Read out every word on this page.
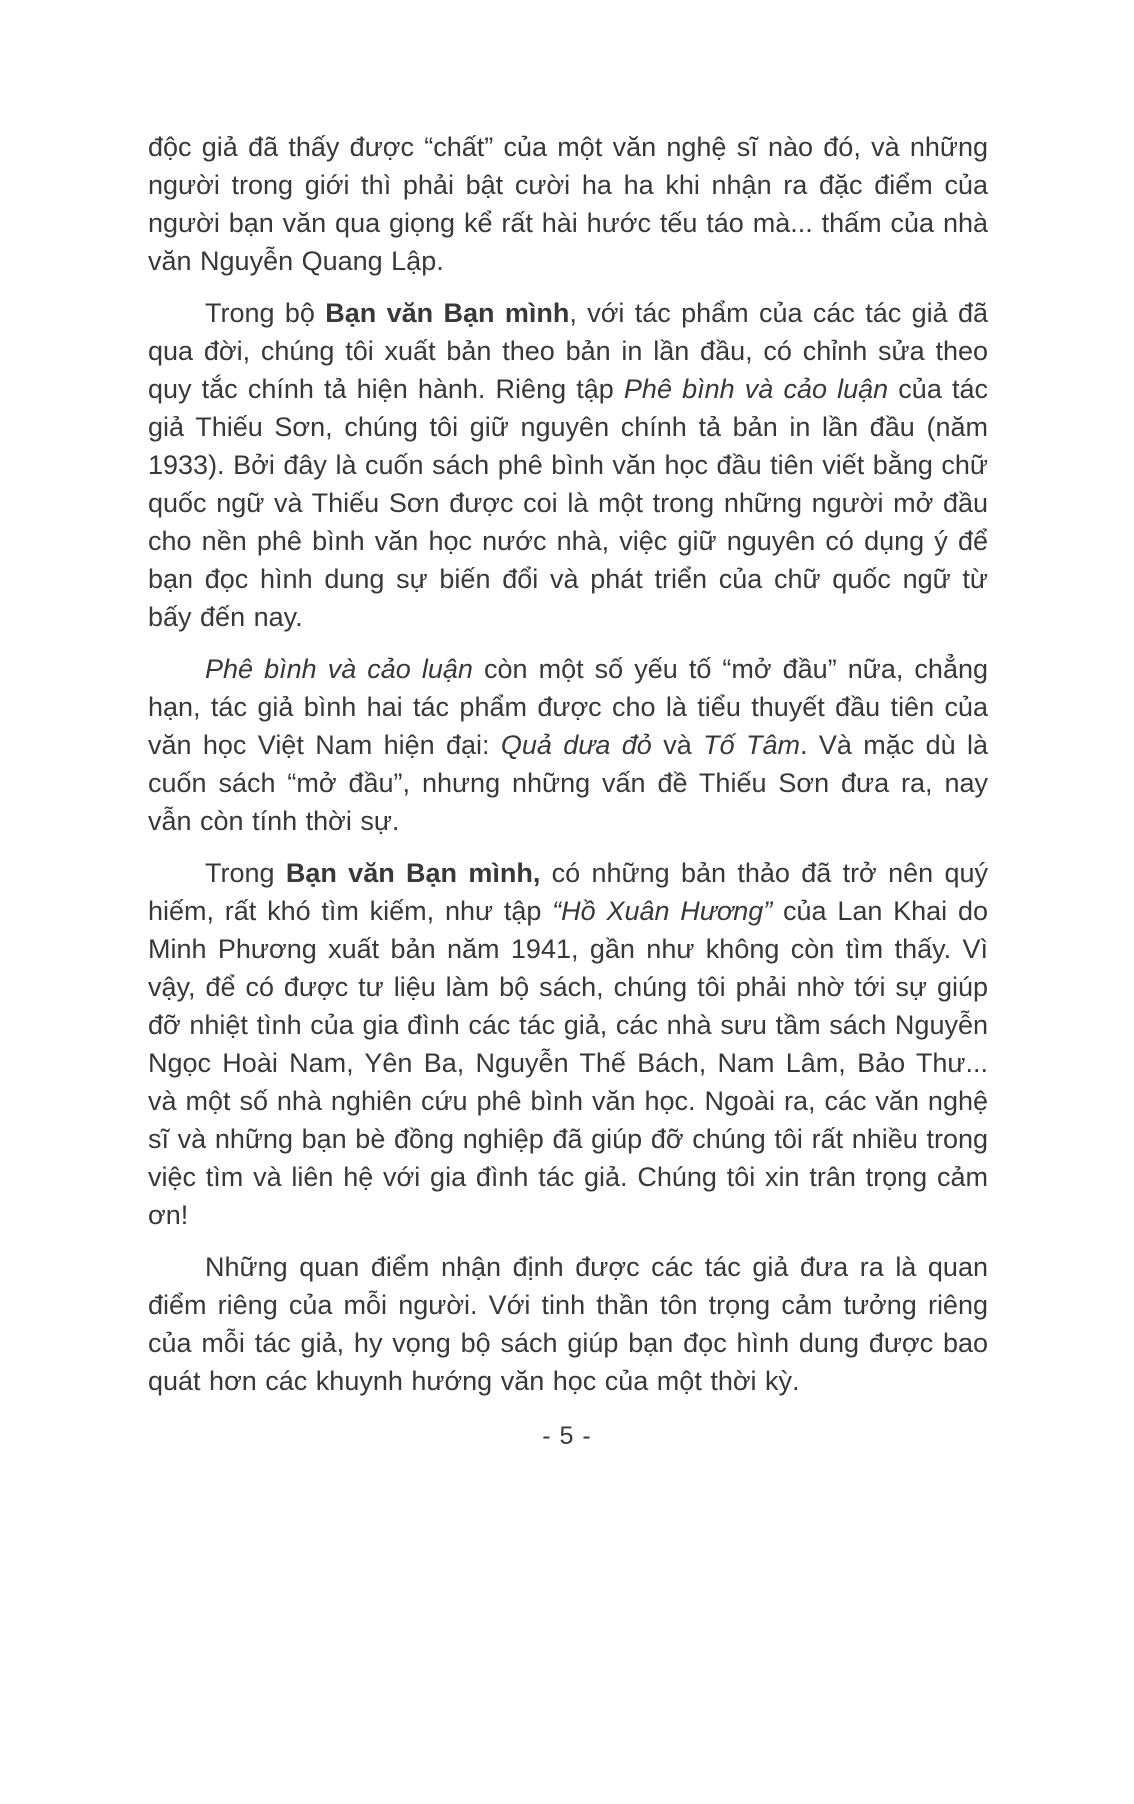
độc giả đã thấy được “chất” của một văn nghệ sĩ nào đó, và những người trong giới thì phải bật cười ha ha khi nhận ra đặc điểm của người bạn văn qua giọng kể rất hài hước tếu táo mà... thấm của nhà văn Nguyễn Quang Lập.

Trong bộ Bạn văn Bạn mình, với tác phẩm của các tác giả đã qua đời, chúng tôi xuất bản theo bản in lần đầu, có chỉnh sửa theo quy tắc chính tả hiện hành. Riêng tập Phê bình và cảo luận của tác giả Thiếu Sơn, chúng tôi giữ nguyên chính tả bản in lần đầu (năm 1933). Bởi đây là cuốn sách phê bình văn học đầu tiên viết bằng chữ quốc ngữ và Thiếu Sơn được coi là một trong những người mở đầu cho nền phê bình văn học nước nhà, việc giữ nguyên có dụng ý để bạn đọc hình dung sự biến đổi và phát triển của chữ quốc ngữ từ bấy đến nay.

Phê bình và cảo luận còn một số yếu tố “mở đầu” nữa, chẳng hạn, tác giả bình hai tác phẩm được cho là tiểu thuyết đầu tiên của văn học Việt Nam hiện đại: Quả dưa đỏ và Tố Tâm. Và mặc dù là cuốn sách “mở đầu”, nhưng những vấn đề Thiếu Sơn đưa ra, nay vẫn còn tính thời sự.

Trong Bạn văn Bạn mình, có những bản thảo đã trở nên quý hiếm, rất khó tìm kiếm, như tập “Hồ Xuân Hương” của Lan Khai do Minh Phương xuất bản năm 1941, gần như không còn tìm thấy. Vì vậy, để có được tư liệu làm bộ sách, chúng tôi phải nhờ tới sự giúp đỡ nhiệt tình của gia đình các tác giả, các nhà sưu tầm sách Nguyễn Ngọc Hoài Nam, Yên Ba, Nguyễn Thế Bách, Nam Lâm, Bảo Thư... và một số nhà nghiên cứu phê bình văn học. Ngoài ra, các văn nghệ sĩ và những bạn bè đồng nghiệp đã giúp đỡ chúng tôi rất nhiều trong việc tìm và liên hệ với gia đình tác giả. Chúng tôi xin trân trọng cảm ơn!

Những quan điểm nhận định được các tác giả đưa ra là quan điểm riêng của mỗi người. Với tinh thần tôn trọng cảm tưởng riêng của mỗi tác giả, hy vọng bộ sách giúp bạn đọc hình dung được bao quát hơn các khuynh hướng văn học của một thời kỳ.

- 5 -
